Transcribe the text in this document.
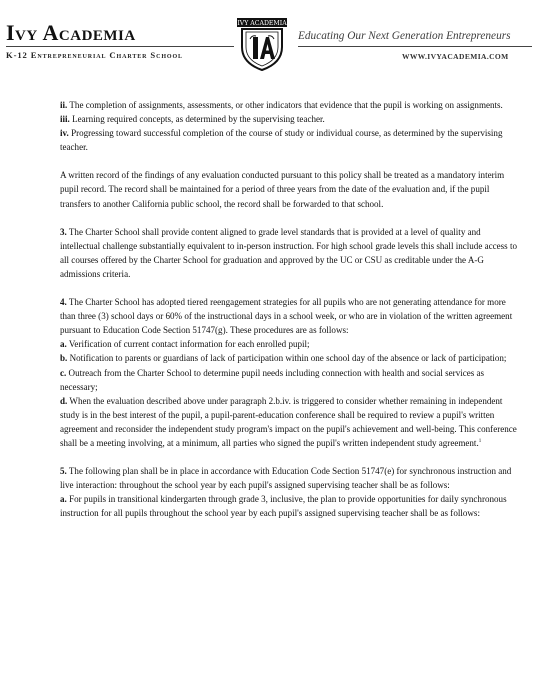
Ivy Academia
K-12 Entrepreneurial Charter School
IVY ACADEMIA
Educating Our Next Generation Entrepreneurs
WWW.IVYACADEMIA.COM

ii. The completion of assignments, assessments, or other indicators that evidence that the pupil is working on assignments.

iii. Learning required concepts, as determined by the supervising teacher.

iv. Progressing toward successful completion of the course of study or individual course, as determined by the supervising teacher.

A written record of the findings of any evaluation conducted pursuant to this policy shall be treated as a mandatory interim pupil record. The record shall be maintained for a period of three years from the date of the evaluation and, if the pupil transfers to another California public school, the record shall be forwarded to that school.

3. The Charter School shall provide content aligned to grade level standards that is provided at a level of quality and intellectual challenge substantially equivalent to in-person instruction. For high school grade levels this shall include access to all courses offered by the Charter School for graduation and approved by the UC or CSU as creditable under the A-G admissions criteria.

4. The Charter School has adopted tiered reengagement strategies for all pupils who are not generating attendance for more than three (3) school days or 60% of the instructional days in a school week, or who are in violation of the written agreement pursuant to Education Code Section 51747(g). These procedures are as follows:

a. Verification of current contact information for each enrolled pupil;

b. Notification to parents or guardians of lack of participation within one school day of the absence or lack of participation;

c. Outreach from the Charter School to determine pupil needs including connection with health and social services as necessary;

d. When the evaluation described above under paragraph 2.b.iv. is triggered to consider whether remaining in independent study is in the best interest of the pupil, a pupil-parent-education conference shall be required to review a pupil's written agreement and reconsider the independent study program's impact on the pupil's achievement and well-being. This conference shall be a meeting involving, at a minimum, all parties who signed the pupil's written independent study agreement.$^1$

5. The following plan shall be in place in accordance with Education Code Section 51747(e) for synchronous instruction and live interaction: throughout the school year by each pupil's assigned supervising teacher shall be as follows:

a. For pupils in transitional kindergarten through grade 3, inclusive, the plan to provide opportunities for daily synchronous instruction for all pupils throughout the school year by each pupil's assigned supervising teacher shall be as follows:
